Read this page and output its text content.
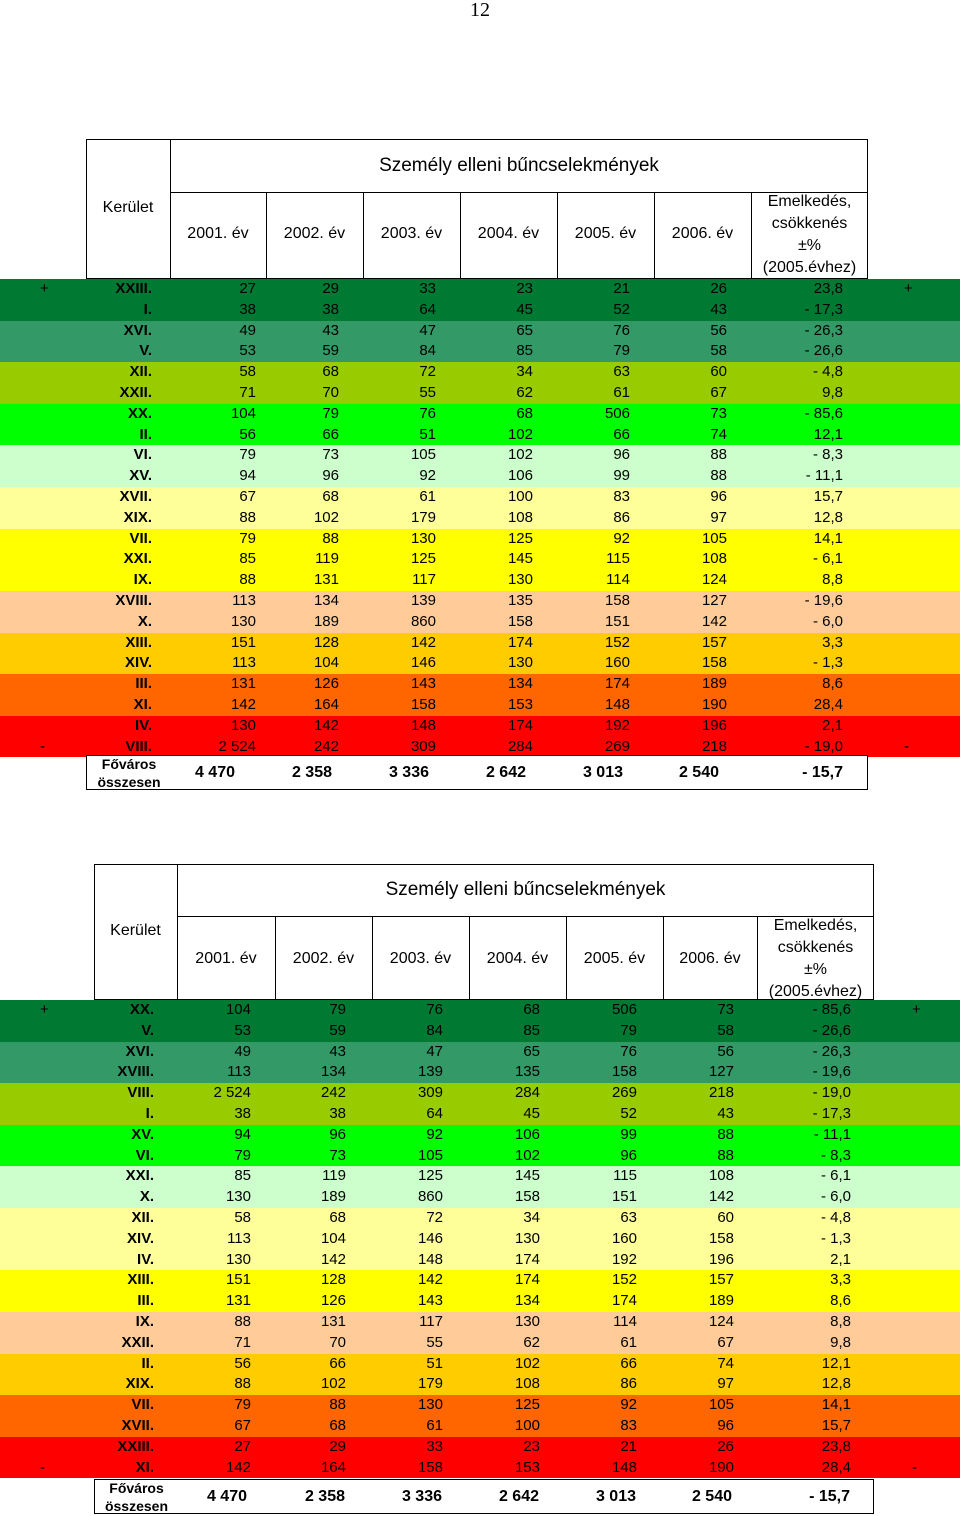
12
Személy elleni bűncselekmények
Kerület
2001. év	2002. év	2003. év	2004. év	2005. év	2006. év
Emelkedés,
csökkenés
±%
(2005.évhez)
+	+
XXIII.	27	29	33	23	21	26	23,8
I.	38	38	64	45	52	43	- 17,3
XVI.	49	43	47	65	76	56	- 26,3
V.	53	59	84	85	79	58	- 26,6
XII.	58	68	72	34	63	60	- 4,8
XXII.	71	70	55	62	61	67	9,8
XX.	104	79	76	68	506	73	- 85,6
II.	56	66	51	102	66	74	12,1
VI.	79	73	105	102	96	88	- 8,3
XV.	94	96	92	106	99	88	- 11,1
XVII.	67	68	61	100	83	96	15,7
XIX.	88	102	179	108	86	97	12,8
VII.	79	88	130	125	92	105	14,1
XXI.	85	119	125	145	115	108	- 6,1
IX.	88	131	117	130	114	124	8,8
XVIII.	113	134	139	135	158	127	- 19,6
X.	130	189	860	158	151	142	- 6,0
XIII.	151	128	142	174	152	157	3,3
XIV.	113	104	146	130	160	158	- 1,3
III.	131	126	143	134	174	189	8,6
XI.	142	164	158	153	148	190	28,4
IV.	130	142	148	174	192	196	2,1
-	-
VIII.	2 524	242	309	284	269	218	- 19,0
Főváros
összesen
4 470	2 358	3 336	2 642	3 013	2 540	- 15,7
Személy elleni bűncselekmények
Kerület
2001. év	2002. év	2003. év	2004. év	2005. év	2006. év
Emelkedés,
csökkenés
±%
(2005.évhez)
+	+
XX.	104	79	76	68	506	73	- 85,6
V.	53	59	84	85	79	58	- 26,6
XVI.	49	43	47	65	76	56	- 26,3
XVIII.	113	134	139	135	158	127	- 19,6
VIII.	2 524	242	309	284	269	218	- 19,0
I.	38	38	64	45	52	43	- 17,3
XV.	94	96	92	106	99	88	- 11,1
VI.	79	73	105	102	96	88	- 8,3
XXI.	85	119	125	145	115	108	- 6,1
X.	130	189	860	158	151	142	- 6,0
XII.	58	68	72	34	63	60	- 4,8
XIV.	113	104	146	130	160	158	- 1,3
IV.	130	142	148	174	192	196	2,1
XIII.	151	128	142	174	152	157	3,3
III.	131	126	143	134	174	189	8,6
IX.	88	131	117	130	114	124	8,8
XXII.	71	70	55	62	61	67	9,8
II.	56	66	51	102	66	74	12,1
XIX.	88	102	179	108	86	97	12,8
VII.	79	88	130	125	92	105	14,1
XVII.	67	68	61	100	83	96	15,7
XXIII.	27	29	33	23	21	26	23,8
-	-
XI.	142	164	158	153	148	190	28,4
Főváros
összesen
4 470	2 358	3 336	2 642	3 013	2 540	- 15,7
